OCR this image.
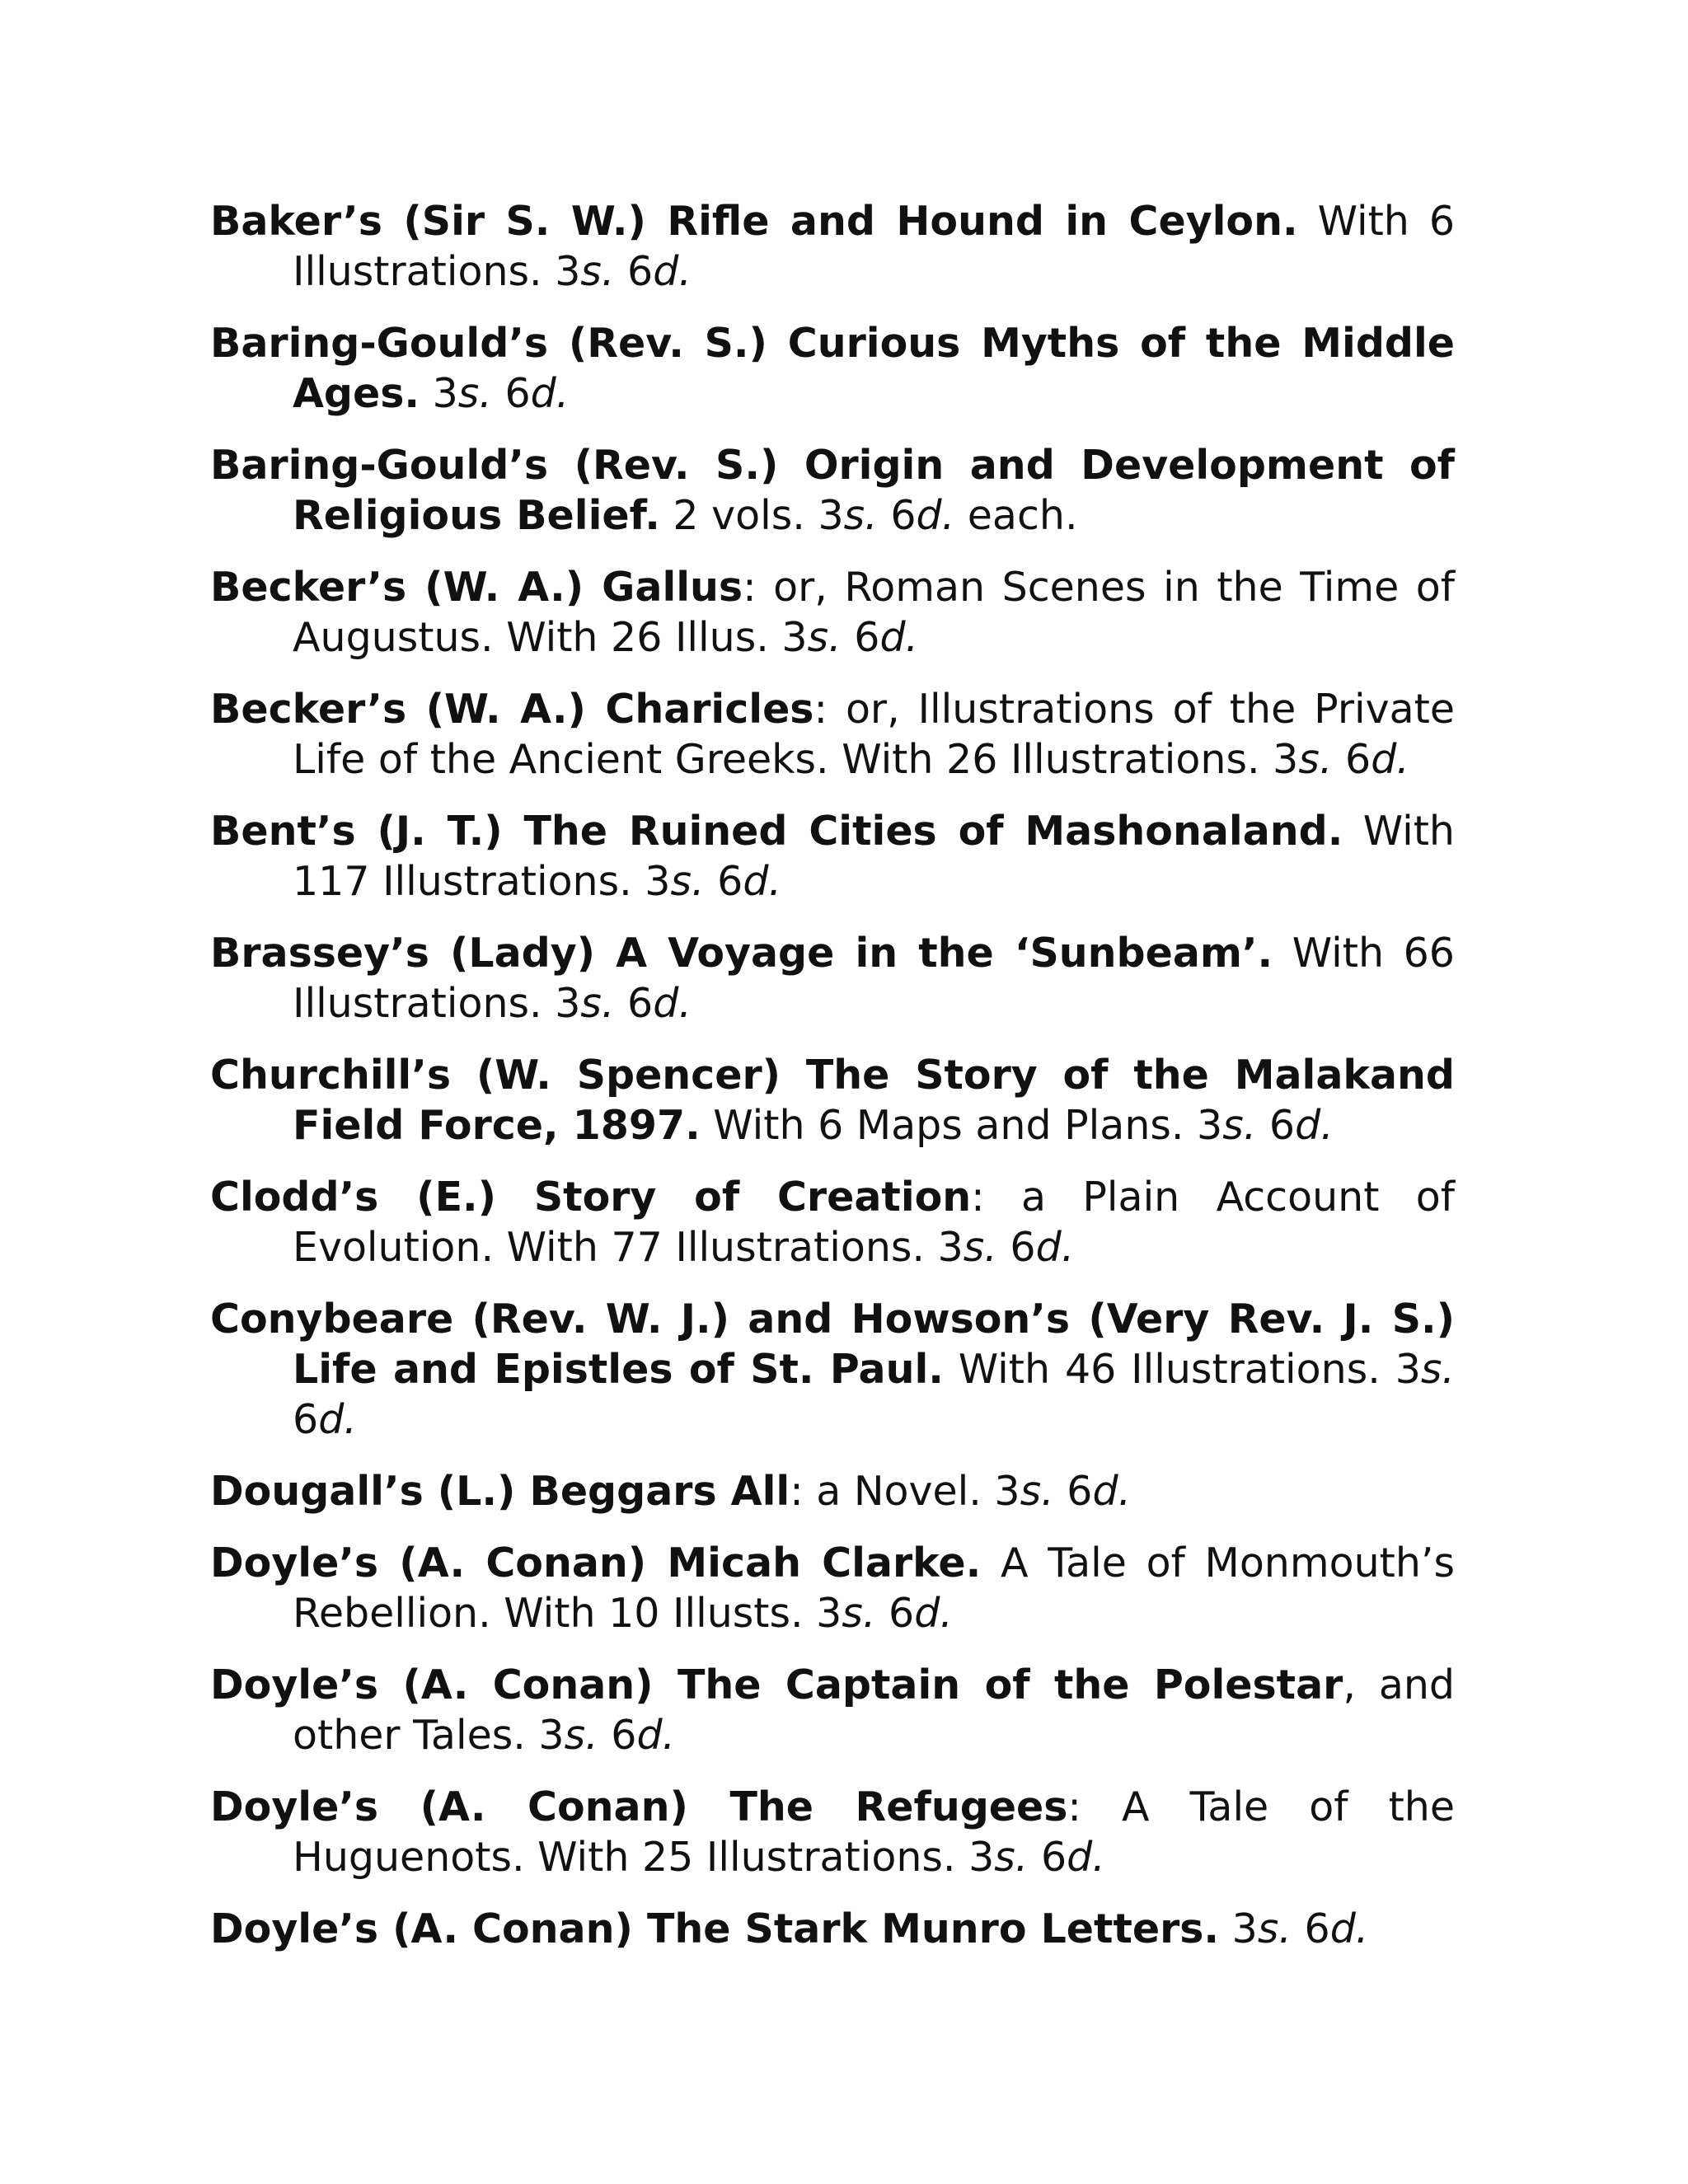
Baker’s (Sir S. W.) Rifle and Hound in Ceylon. With 6 Illustrations. 3s. 6d.

Baring-Gould’s (Rev. S.) Curious Myths of the Middle Ages. 3s. 6d.

Baring-Gould’s (Rev. S.) Origin and Development of Religious Belief. 2 vols. 3s. 6d. each.

Becker’s (W. A.) Gallus: or, Roman Scenes in the Time of Augustus. With 26 Illus. 3s. 6d.

Becker’s (W. A.) Charicles: or, Illustrations of the Private Life of the Ancient Greeks. With 26 Illustrations. 3s. 6d.

Bent’s (J. T.) The Ruined Cities of Mashonaland. With 117 Illustrations. 3s. 6d.

Brassey’s (Lady) A Voyage in the ‘Sunbeam’. With 66 Illustrations. 3s. 6d.

Churchill’s (W. Spencer) The Story of the Malakand Field Force, 1897. With 6 Maps and Plans. 3s. 6d.

Clodd’s (E.) Story of Creation: a Plain Account of Evolution. With 77 Illustrations. 3s. 6d.

Conybeare (Rev. W. J.) and Howson’s (Very Rev. J. S.) Life and Epistles of St. Paul. With 46 Illustrations. 3s. 6d.

Dougall’s (L.) Beggars All: a Novel. 3s. 6d.

Doyle’s (A. Conan) Micah Clarke. A Tale of Monmouth’s Rebellion. With 10 Illusts. 3s. 6d.

Doyle’s (A. Conan) The Captain of the Polestar, and other Tales. 3s. 6d.

Doyle’s (A. Conan) The Refugees: A Tale of the Huguenots. With 25 Illustrations. 3s. 6d.

Doyle’s (A. Conan) The Stark Munro Letters. 3s. 6d.
